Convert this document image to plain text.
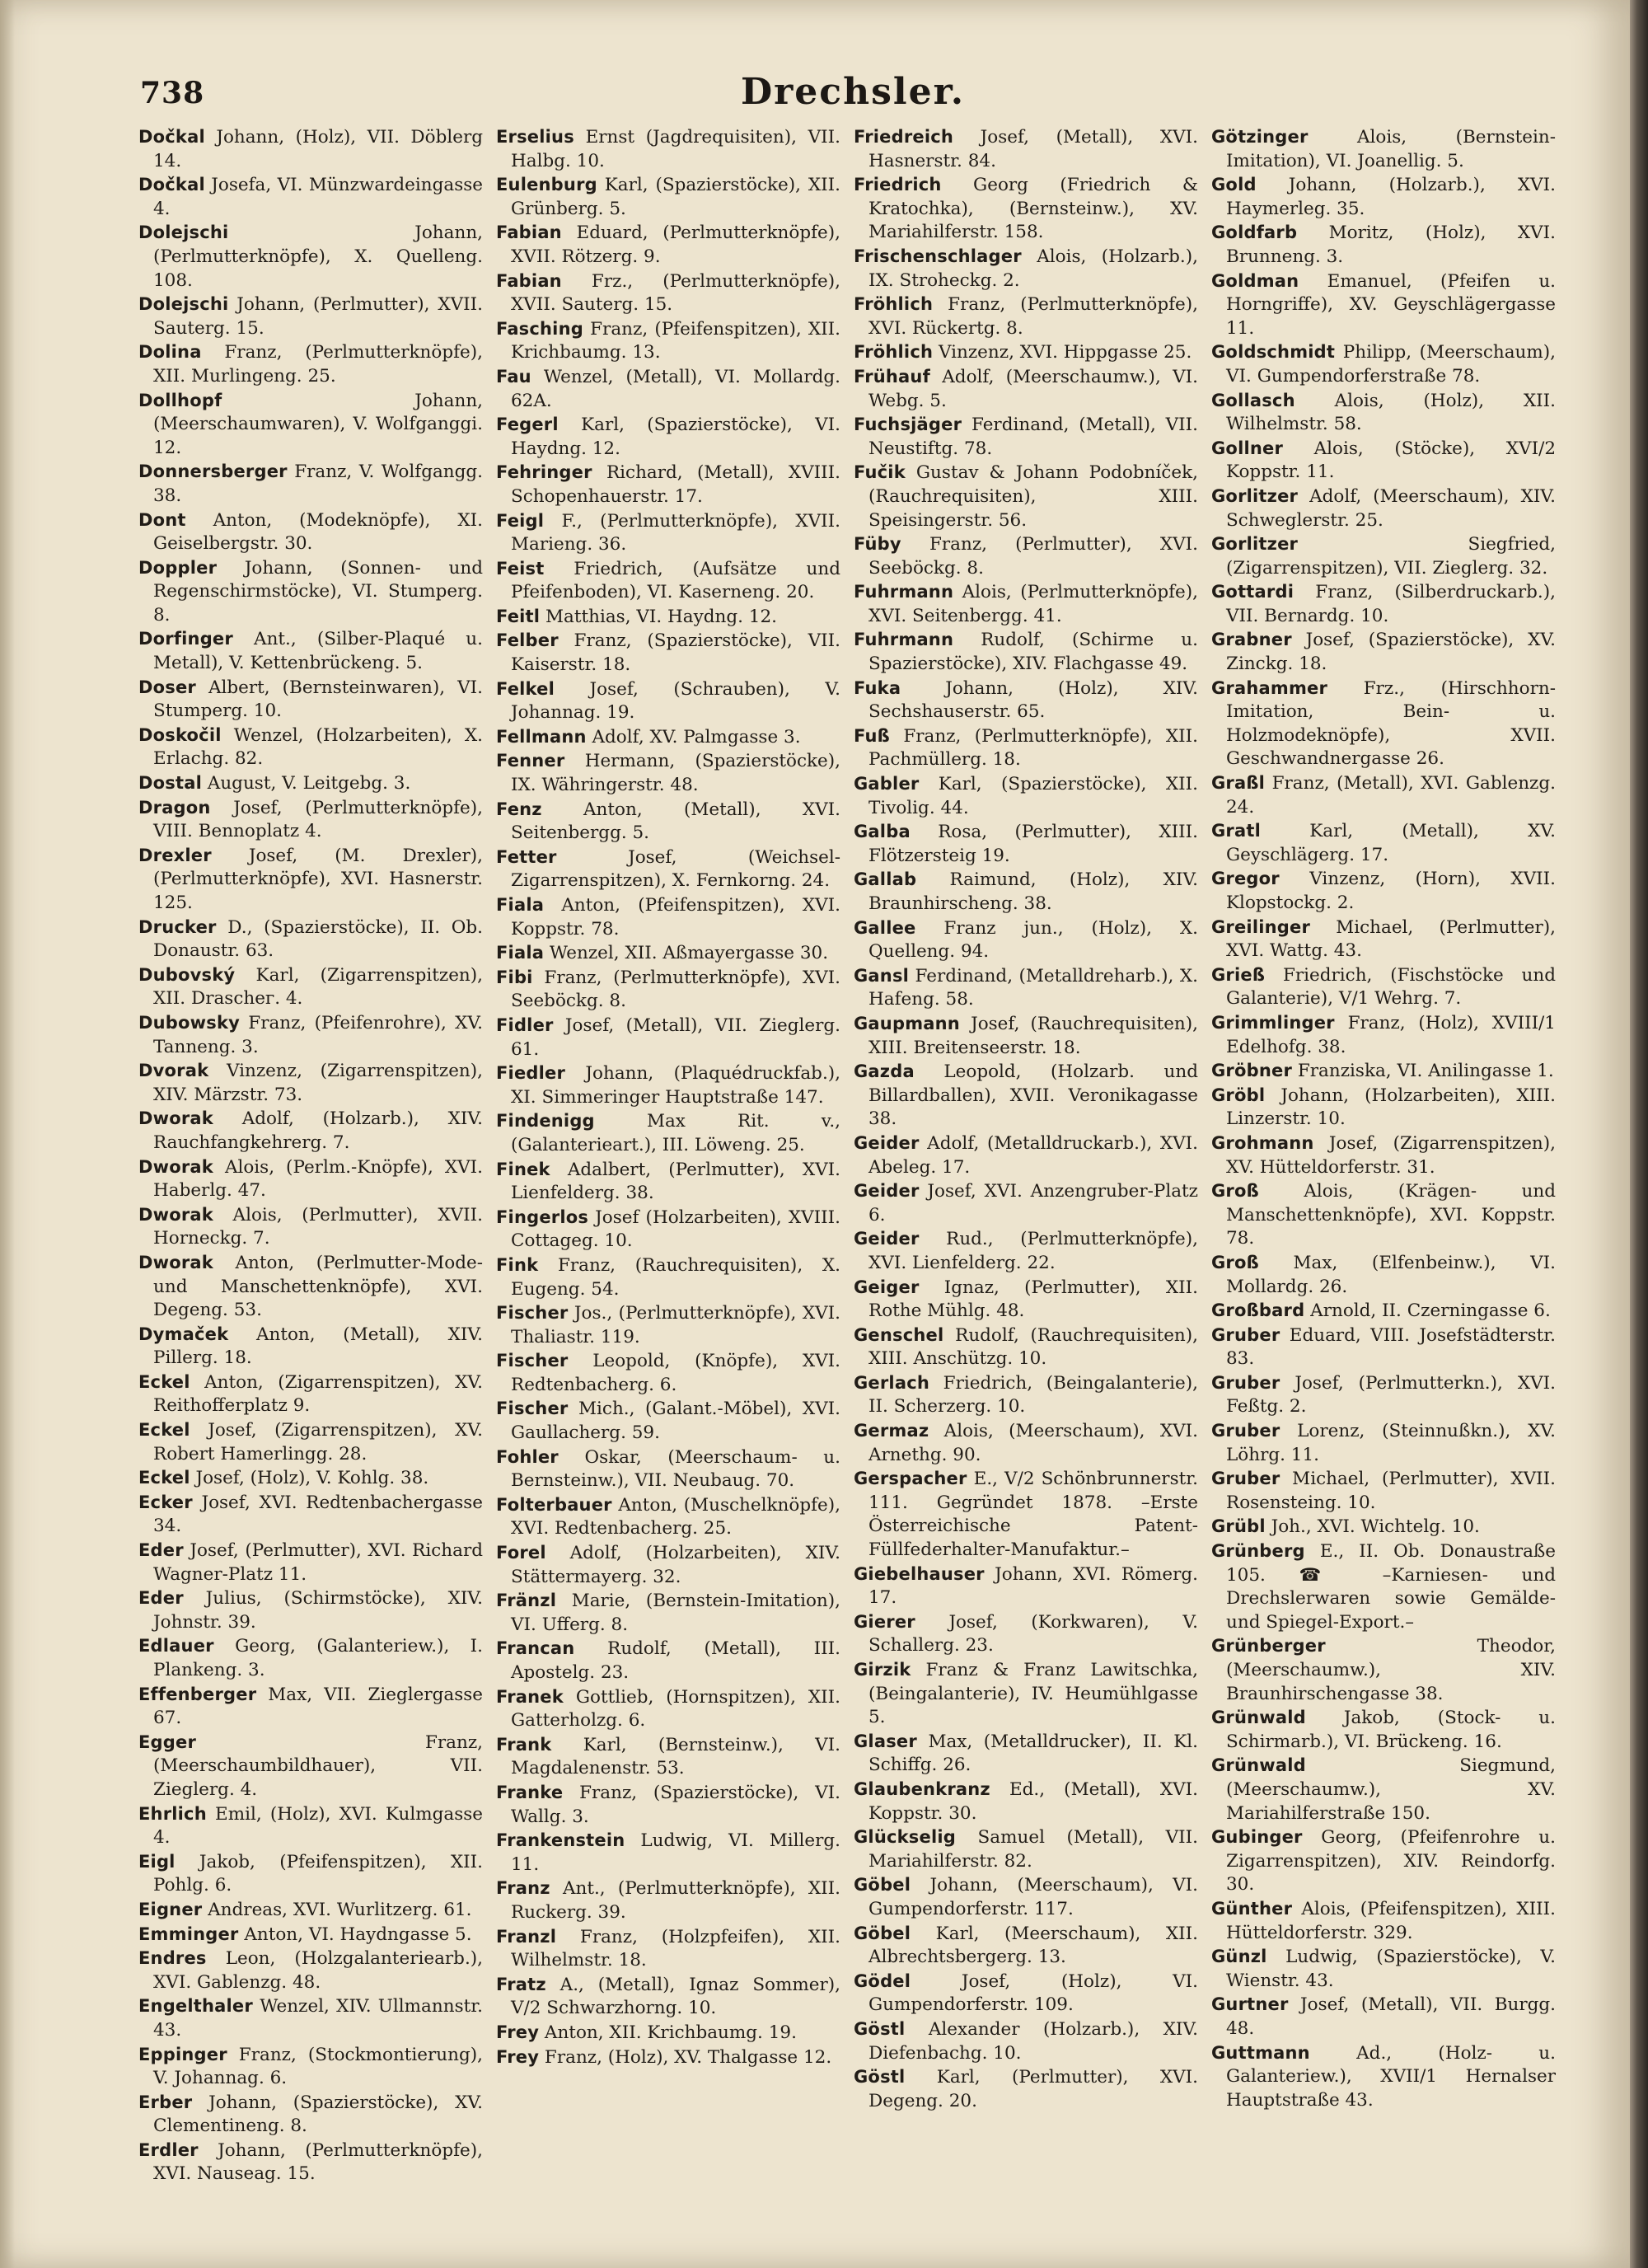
738	Drechsler.
Dočkal Johann, (Holz), VII. Döblerg 14.
Dočkal Josefa, VI. Münzwardeingasse 4.
Dolejschi Johann, (Perlmutterknöpfe), X. Quelleng. 108.
Dolejschi Johann, (Perlmutter), XVII. Sauterg. 15.
Dolina Franz, (Perlmutterknöpfe), XII. Murlingeng. 25.
Dollhopf Johann, (Meerschaumwaren), V. Wolfganggi. 12.
Donnersberger Franz, V. Wolfgangg. 38.
Dont Anton, (Modeknöpfe), XI. Geiselbergstr. 30.
Doppler Johann, (Sonnen- und Regenschirmstöcke), VI. Stumperg. 8.
Dorfinger Ant., (Silber-Plaqué u. Metall), V. Kettenbrückeng. 5.
Doser Albert, (Bernsteinwaren), VI. Stumperg. 10.
Doskočil Wenzel, (Holzarbeiten), X. Erlachg. 82.
Dostal August, V. Leitgebg. 3.
Dragon Josef, (Perlmutterknöpfe), VIII. Bennoplatz 4.
Drexler Josef, (M. Drexler), (Perlmutterknöpfe), XVI. Hasnerstr. 125.
Drucker D., (Spazierstöcke), II. Ob. Donaustr. 63.
Dubovský Karl, (Zigarrenspitzen), XII. Draschег. 4.
Dubowsky Franz, (Pfeifenrohre), XV. Tanneng. 3.
Dvorak Vinzenz, (Zigarrenspitzen), XIV. Märzstr. 73.
Dworak Adolf, (Holzarb.), XIV. Rauchfangkehrerg. 7.
Dworak Alois, (Perlm.-Knöpfe), XVI. Haberlg. 47.
Dworak Alois, (Perlmutter), XVII. Hornеckg. 7.
Dworak Anton, (Perlmutter-Mode- und Manschettenknöpfe), XVI. Degeng. 53.
Dymaček Anton, (Metall), XIV. Pillerg. 18.
Eckel Anton, (Zigarrenspitzen), XV. Reithofferplatz 9.
Eckel Josef, (Zigarrenspitzen), XV. Robert Hamerlingg. 28.
Eckel Josef, (Holz), V. Kohlg. 38.
Ecker Josef, XVI. Redtenbachergasse 34.
Eder Josef, (Perlmutter), XVI. Richard Wagner-Platz 11.
Eder Julius, (Schirmstöcke), XIV. Johnstr. 39.
Edlauer Georg, (Galanteriew.), I. Plankeng. 3.
Effenberger Max, VII. Zieglergasse 67.
Egger Franz, (Meerschaumbildhauer), VII. Zieglerg. 4.
Ehrlich Emil, (Holz), XVI. Kulmgasse 4.
Eigl Jakob, (Pfeifenspitzen), XII. Pohlg. 6.
Eigner Andreas, XVI. Wurlitzerg. 61.
Emminger Anton, VI. Haydngasse 5.
Endres Leon, (Holzgalanteriearb.), XVI. Gablenzg. 48.
Engelthaler Wenzel, XIV. Ullmannstr. 43.
Eppinger Franz, (Stockmontierung), V. Johannag. 6.
Erber Johann, (Spazierstöcke), XV. Clementineng. 8.
Erdler Johann, (Perlmutterknöpfe), XVI. Nauseag. 15.
Erselius Ernst (Jagdrequisiten), VII. Halbg. 10.
Eulenburg Karl, (Spazierstöcke), XII. Grünberg. 5.
Fabian Eduard, (Perlmutterknöpfe), XVII. Rötzerg. 9.
Fabian Frz., (Perlmutterknöpfe), XVII. Sauterg. 15.
Fasching Franz, (Pfeifenspitzen), XII. Krichbaumg. 13.
Fau Wenzel, (Metall), VI. Mollardg. 62A.
Fegerl Karl, (Spazierstöcke), VI. Haydng. 12.
Fehringer Richard, (Metall), XVIII. Schopenhauerstr. 17.
Feigl F., (Perlmutterknöpfe), XVII. Marieng. 36.
Feist Friedrich, (Aufsätze und Pfeifenboden), VI. Kaserneng. 20.
Feitl Matthias, VI. Haydng. 12.
Felber Franz, (Spazierstöcke), VII. Kaiserstr. 18.
Felkel Josef, (Schrauben), V. Johannag. 19.
Fellmann Adolf, XV. Palmgasse 3.
Fenner Hermann, (Spazierstöcke), IX. Währingerstr. 48.
Fenz Anton, (Metall), XVI. Seitenbergg. 5.
Fetter Josef, (Weichsel-Zigarrenspitzen), X. Fernkorng. 24.
Fiala Anton, (Pfeifenspitzen), XVI. Koppstr. 78.
Fiala Wenzel, XII. Aßmayergasse 30.
Fibi Franz, (Perlmutterknöpfe), XVI. Seeböckg. 8.
Fidler Josef, (Metall), VII. Zieglerg. 61.
Fiedler Johann, (Plaquédruckfab.), XI. Simmeringer Hauptstraße 147.
Findenigg Max Rit. v., (Galanteriеart.), III. Löweng. 25.
Finek Adalbert, (Perlmutter), XVI. Lienfelderg. 38.
Fingerlos Josef (Holzarbeiten), XVIII. Cottageg. 10.
Fink Franz, (Rauchrequisiten), X. Eugeng. 54.
Fischer Jos., (Perlmutterknöpfe), XVI. Thaliastr. 119.
Fischer Leopold, (Knöpfe), XVI. Redtenbacherg. 6.
Fischer Mich., (Galant.-Möbel), XVI. Gaullacherg. 59.
Fohler Oskar, (Meerschaum- u. Bernsteinw.), VII. Neubaug. 70.
Folterbauer Anton, (Muschelknöpfe), XVI. Redtenbacherg. 25.
Forel Adolf, (Holzarbeiten), XIV. Stättermayerg. 32.
Fränzl Marie, (Bernstein-Imitation), VI. Ufferg. 8.
Francan Rudolf, (Metall), III. Apostelg. 23.
Franek Gottlieb, (Hornspitzen), XII. Gatterholzg. 6.
Frank Karl, (Bernsteinw.), VI. Magdalenenstr. 53.
Franke Franz, (Spazierstöcke), VI. Wallg. 3.
Frankenstein Ludwig, VI. Millerg. 11.
Franz Ant., (Perlmutterknöpfe), XII. Ruckerg. 39.
Franzl Franz, (Holzpfeifen), XII. Wilhelmstr. 18.
Fratz A., (Metall), Ignaz Sommer), V/2 Schwarzhorng. 10.
Frey Anton, XII. Krichbaumg. 19.
Frey Franz, (Holz), XV. Thalgasse 12.
Friedreich Josef, (Metall), XVI. Hasnerstr. 84.
Friedrich Georg (Friedrich & Kratochka), (Bernsteinw.), XV. Mariahilferstr. 158.
Frischenschlager Alois, (Holzarb.), IX. Strohеckg. 2.
Fröhlich Franz, (Perlmutterknöpfe), XVI. Rückertg. 8.
Fröhlich Vinzenz, XVI. Hippgasse 25.
Frühauf Adolf, (Meerschaumw.), VI. Webg. 5.
Fuchsjäger Ferdinand, (Metall), VII. Neustiftg. 78.
Fučik Gustav & Johann Podobníček, (Rauchrequisiten), XIII. Speisingerstr. 56.
Füby Franz, (Perlmutter), XVI. Seeböckg. 8.
Fuhrmann Alois, (Perlmutterknöpfe), XVI. Seitenbergg. 41.
Fuhrmann Rudolf, (Schirme u. Spazierstöcke), XIV. Flachgasse 49.
Fuka Johann, (Holz), XIV. Sechshauserstr. 65.
Fuß Franz, (Perlmutterknöpfe), XII. Pachmüllerg. 18.
Gabler Karl, (Spazierstöcke), XII. Tivolig. 44.
Galba Rosa, (Perlmutter), XIII. Flötzerstеig 19.
Gallab Raimund, (Holz), XIV. Braunhirscheng. 38.
Gallee Franz jun., (Holz), X. Quelleng. 94.
Gansl Ferdinand, (Metalldreharb.), X. Hafeng. 58.
Gaupmann Josef, (Rauchrequisiten), XIII. Breitenseerstr. 18.
Gazda Leopold, (Holzarb. und Billardballen), XVII. Veronikagasse 38.
Geider Adolf, (Metalldruckarb.), XVI. Abeleg. 17.
Geider Josef, XVI. Anzengruber-Platz 6.
Geider Rud., (Perlmutterknöpfe), XVI. Lienfelderg. 22.
Geiger Ignaz, (Perlmutter), XII. Rothe Mühlg. 48.
Genschel Rudolf, (Rauchrequisiten), XIII. Anschützg. 10.
Gerlach Friedrich, (Beingalanterie), II. Scherzerg. 10.
Germaz Alois, (Meerschaum), XVI. Arnethg. 90.
Gerspacher E., V/2 Schönbrunnerstr. 111. Gegründet 1878. –Erste Österreichische Patent-Füllfederhalter-Manufaktur.–
Giebelhauser Johann, XVI. Römerg. 17.
Gierer Josef, (Korkwaren), V. Schallerg. 23.
Girzik Franz & Franz Lawitschka, (Beingalanterie), IV. Heumühlgasse 5.
Glaser Max, (Metalldrucker), II. Kl. Schiffg. 26.
Glaubenkranz Ed., (Metall), XVI. Koppstr. 30.
Glückselig Samuel (Metall), VII. Mariahilferstr. 82.
Göbel Johann, (Meerschaum), VI. Gumpendorferstr. 117.
Göbel Karl, (Meerschaum), XII. Albrechtsbergerg. 13.
Gödel Josef, (Holz), VI. Gumpendorferstr. 109.
Göstl Alexander (Holzarb.), XIV. Diefenbachg. 10.
Göstl Karl, (Perlmutter), XVI. Degeng. 20.
Götzinger Alois, (Bernstein-Imitation), VI. Joanellig. 5.
Gold Johann, (Holzarb.), XVI. Haymerleg. 35.
Goldfarb Moritz, (Holz), XVI. Brunneng. 3.
Goldman Emanuel, (Pfeifen u. Horngriffe), XV. Geyschlägergasse 11.
Goldschmidt Philipp, (Meerschaum), VI. Gumpendorferstraße 78.
Gollasch Alois, (Holz), XII. Wilhelmstr. 58.
Gollner Alois, (Stöcke), XVI/2 Koppstr. 11.
Gorlitzer Adolf, (Meerschaum), XIV. Schweglerstr. 25.
Gorlitzer Siegfried, (Zigarrenspitzen), VII. Zieglerg. 32.
Gottardi Franz, (Silberdruckarb.), VII. Bernardg. 10.
Grabner Josef, (Spazierstöcke), XV. Zinckg. 18.
Grahammer Frz., (Hirschhorn-Imitation, Bein- u. Holzmodeknöpfe), XVII. Geschwandnergasse 26.
Graßl Franz, (Metall), XVI. Gablenzg. 24.
Gratl Karl, (Metall), XV. Geyschlägerg. 17.
Gregor Vinzenz, (Horn), XVII. Klopstockg. 2.
Greilinger Michael, (Perlmutter), XVI. Wattg. 43.
Grieß Friedrich, (Fischstöcke und Galanterie), V/1 Wehrg. 7.
Grimmlinger Franz, (Holz), XVIII/1 Edelhofg. 38.
Gröbner Franziska, VI. Anilingasse 1.
Gröbl Johann, (Holzarbeiten), XIII. Linzerstr. 10.
Grohmann Josef, (Zigarrenspitzen), XV. Hütteldorferstr. 31.
Groß Alois, (Krägen- und Manschettenknöpfe), XVI. Koppstr. 78.
Groß Max, (Elfenbeinw.), VI. Mollardg. 26.
Großbard Arnold, II. Czerningasse 6.
Gruber Eduard, VIII. Josefstädterstr. 83.
Gruber Josef, (Perlmutterkn.), XVI. Feßtg. 2.
Gruber Lorenz, (Steinnußkn.), XV. Löhrg. 11.
Gruber Michael, (Perlmutter), XVII. Rosensteing. 10.
Grübl Joh., XVI. Wichtelg. 10.
Grünberg E., II. Ob. Donaustraße 105. ☎ –Karniesen- und Drechslerwaren sowie Gemälde- und Spiegel-Export.–
Grünberger Theodor, (Meerschaumw.), XIV. Braunhirschengasse 38.
Grünwald Jakob, (Stock- u. Schirmarb.), VI. Brückeng. 16.
Grünwald Siegmund, (Meerschaumw.), XV. Mariahilferstraße 150.
Gubinger Georg, (Pfeifenrohre u. Zigarrenspitzen), XIV. Reindorfg. 30.
Günther Alois, (Pfeifenspitzen), XIII. Hütteldorferstr. 329.
Günzl Ludwig, (Spazierstöcke), V. Wienstr. 43.
Gurtner Josef, (Metall), VII. Burgg. 48.
Guttmann Ad., (Holz- u. Galanteriew.), XVII/1 Hernalser Hauptstraße 43.
